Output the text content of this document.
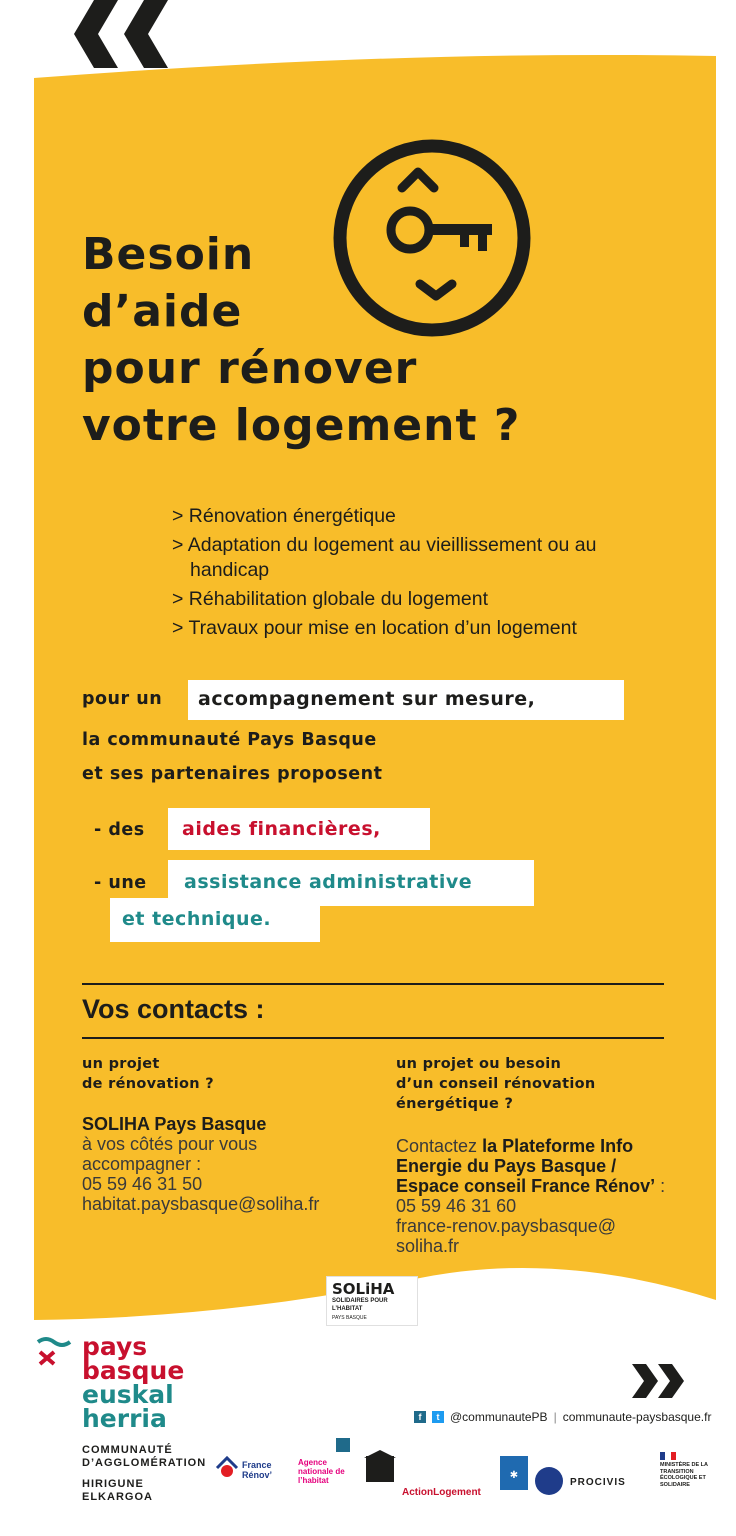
Besoin
d’aide
pour rénover
votre logement ?
> Rénovation énergétique
> Adaptation du logement au vieillissement ou au handicap
> Réhabilitation globale du logement
> Travaux pour mise en location d’un logement
pour un accompagnement sur mesure,
la communauté Pays Basque
et ses partenaires proposent
- des aides financières,
- une assistance administrative
et technique.
Vos contacts :
un projet
de rénovation ?

SOLIHA Pays Basque
à vos côtés pour vous
accompagner :
05 59 46 31 50
habitat.paysbasque@soliha.fr

un projet ou besoin
d’un conseil rénovation
énergétique ?

Contactez la Plateforme Info
Energie du Pays Basque /
Espace conseil France Rénov’ :
05 59 46 31 60
france-renov.paysbasque@
soliha.fr

SOLiHA
SOLIDAIRES POUR L’HABITAT
PAYS BASQUE
pays
basque
euskal
herria
COMMUNAUTÉ
D’AGGLOMÉRATION
HIRIGUNE
ELKARGOA
f	t @communautePB | communaute-paysbasque.fr
France Rénov’
Agence nationale de l’habitat
ActionLogement
✱
PROCIVIS
MINISTÈRE DE LA TRANSITION ÉCOLOGIQUE ET SOLIDAIRE
